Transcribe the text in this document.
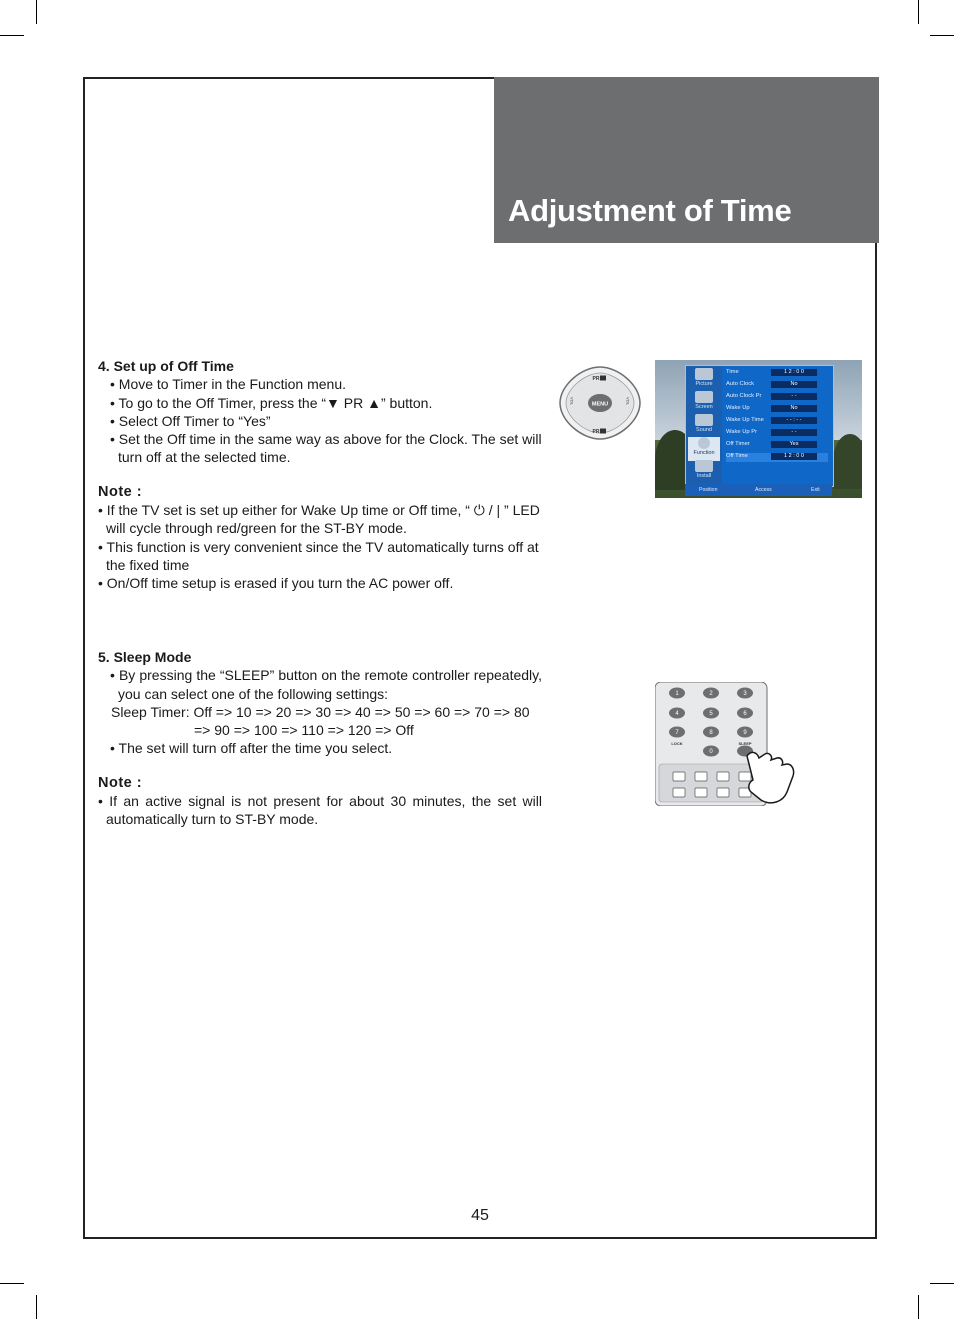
Adjustment of Time
4. Set up of Off Time
• Move to Timer in the Function menu.
• To go to the Off Timer, press the “▼ PR ▲” button.
• Select Off Timer to “Yes”
• Set the Off time in the same way as above for the Clock. The set will turn off at the selected time.
Note :
• If the TV set is set up either for Wake Up time or Off time, “ ⏻ / | ” LED will cycle through red/green for the ST-BY mode.
• This function is very convenient since the TV automatically turns off at the fixed time
• On/Off time setup is erased if you turn the AC power off.
5. Sleep Mode
• By pressing the “SLEEP” button on the remote controller repeatedly, you can select one of the following settings:
Sleep Timer: Off => 10 => 20 => 30 => 40 => 50 => 60 => 70 => 80
=> 90 => 100 => 110 => 120 => Off
• The set will turn off after the time you select.
Note :
• If an active signal is not present for about 30 minutes, the set will automatically turn to ST-BY mode.
MENU
PR
PR
VOL	VOL
Picture
Screen
Sound
Function
Install
Time	1 2 : 0 0
Auto Clock	No
Auto Clock Pr	- -
Wake Up	No
Wake Up Time	- - : - -
Wake Up Pr	- -
Off Timer	Yes
Off Time	1 2 : 0 0
Position	Access	Exit
1	2	3
4	5	6
7	8	9
0
LOCK	SLEEP
45
